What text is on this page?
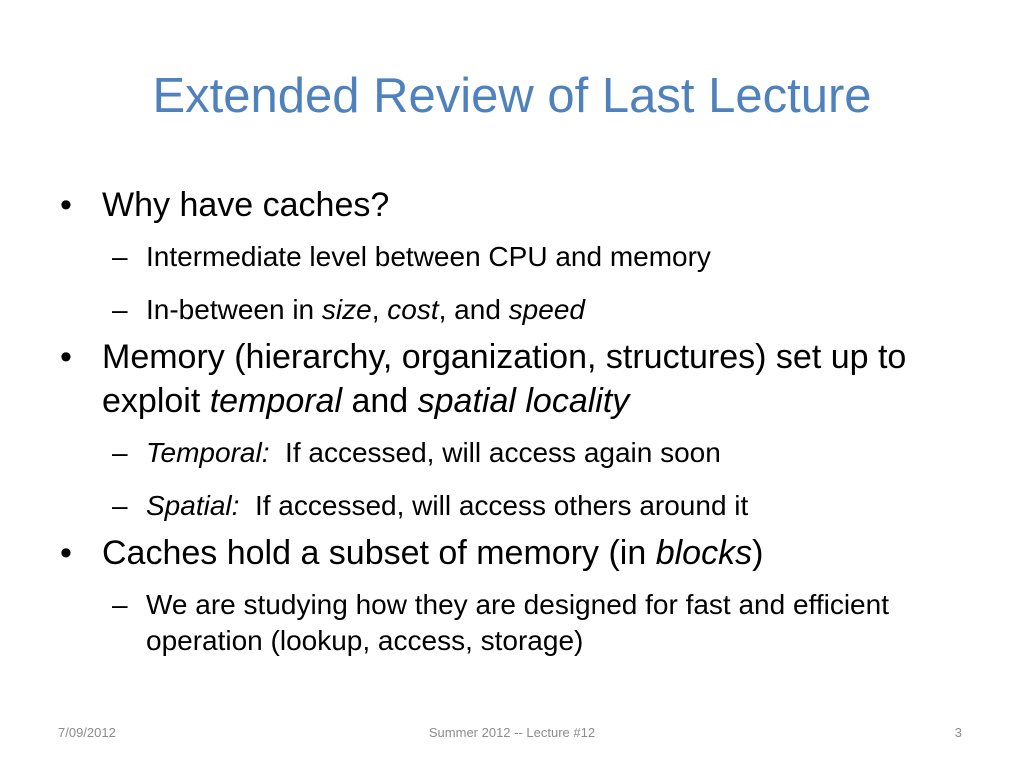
Extended Review of Last Lecture
• Why have caches?
– Intermediate level between CPU and memory
– In-between in size, cost, and speed
• Memory (hierarchy, organization, structures) set up to exploit temporal and spatial locality
– Temporal:  If accessed, will access again soon
– Spatial:  If accessed, will access others around it
• Caches hold a subset of memory (in blocks)
– We are studying how they are designed for fast and efficient operation (lookup, access, storage)
7/09/2012	Summer 2012 -- Lecture #12	3
